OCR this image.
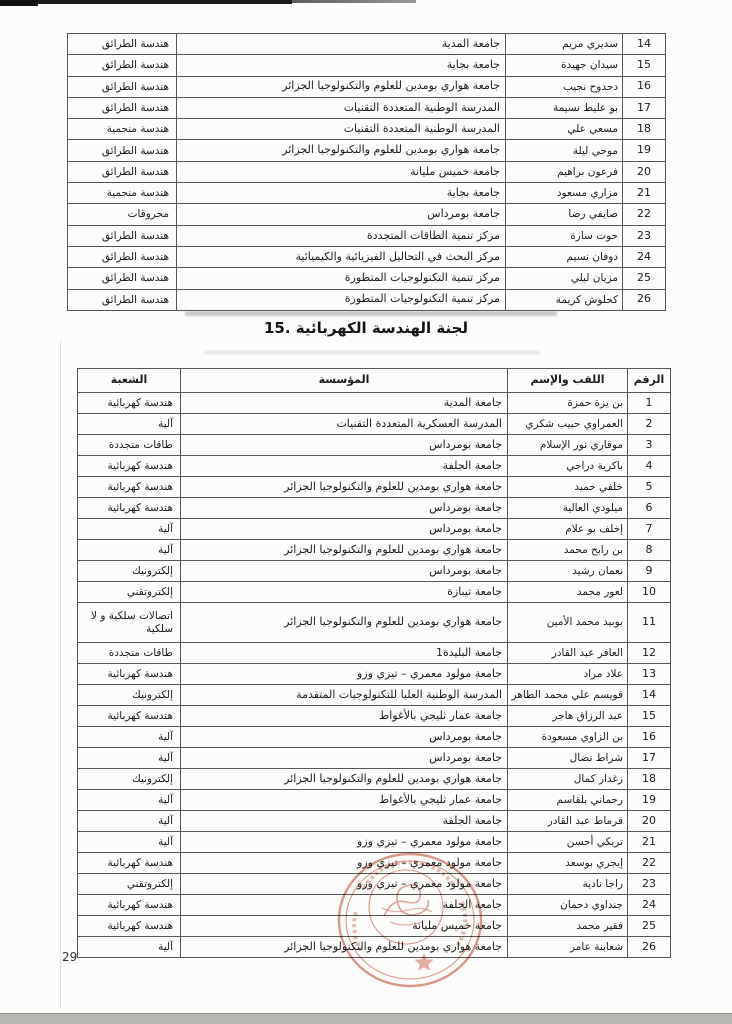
14	سديري مريم	جامعة المدية	هندسة الطرائق
15	سيدان جهيدة	جامعة بجاية	هندسة الطرائق
16	دحدوح نجيب	جامعة هواري بومدين للعلوم والتكنولوجيا الجزائر	هندسة الطرائق
17	بو عليط نسيمة	المدرسة الوطنية المتعددة التقنيات	هندسة الطرائق
18	مسعي علي	المدرسة الوطنية المتعددة التقنيات	هندسة منجمية
19	موحي ليلة	جامعة هواري بومدين للعلوم والتكنولوجيا الجزائر	هندسة الطرائق
20	فرعون براهيم	جامعة خميس مليانة	هندسة الطرائق
21	مزاري مسعود	جامعة بجاية	هندسة منجمية
22	صايفي رضا	جامعة بومرداس	محروقات
23	حوت سارة	مركز تنمية الطاقات المتجددة	هندسة الطرائق
24	دوفان نسيم	مركز البحث في التحاليل الفيزيائية والكيميائية	هندسة الطرائق
25	مزيان ليلي	مركز تنمية التكنولوجيات المتطورة	هندسة الطرائق
26	كحلوش كريمة	مركز تنمية التكنولوجيات المتطورة	هندسة الطرائق
15. لجنة الهندسة الكهربائية
الرقم	اللقب والإسم	المؤسسة	الشعبة
1	بن يزة حمزة	جامعة المدية	هندسة كهربائية
2	العمراوي حبيب شكري	المدرسة العسكرية المتعددة التقنيات	آلية
3	موقاري نور الإسلام	جامعة بومرداس	طاقات متجددة
4	باكرية دراجي	جامعة الجلفة	هندسة كهربائية
5	خلفي حميد	جامعة هواري بومدين للعلوم والتكنولوجيا الجزائر	هندسة كهربائية
6	ميلودي العالية	جامعة بومرداس	هندسة كهربائية
7	إخلف بو علام	جامعة بومرداس	آلية
8	بن رابح محمد	جامعة هواري بومدين للعلوم والتكنولوجيا الجزائر	آلية
9	نعمان رشيد	جامعة بومرداس	إلكترونيك
10	لعور محمد	جامعة تيبازة	إلكتروتقني
11	بوبيد محمد الأمين	جامعة هواري بومدين للعلوم والتكنولوجيا الجزائر	اتصالات سلكية و لا سلكية
12	العافر عبد القادر	جامعة البليدة1	طاقات متجددة
13	علاد مراد	جامعة مولود معمري – تيزي وزو	هندسة كهربائية
14	قويسم علي محمد الطاهر	المدرسة الوطنية العليا للتكنولوجيات المتقدمة	إلكترونيك
15	عبد الرزاق هاجر	جامعة عمار ثليجي بالأغواط	هندسة كهربائية
16	بن الزاوي مسعودة	جامعة بومرداس	آلية
17	شراط نضال	جامعة بومرداس	آلية
18	زغدار كمال	جامعة هواري بومدين للعلوم والتكنولوجيا الجزائر	إلكترونيك
19	رحماني بلقاسم	جامعة عمار ثليجي بالأغواط	آلية
20	قرماط عبد القادر	جامعة الجلفة	آلية
21	تريكي أحسن	جامعة مولود معمري – تيزي وزو	آلية
22	إيجري بوسعد	جامعة مولود معمري – تيزي وزو	هندسة كهربائية
23	راجا نادية	جامعة مولود معمري – تيزي وزو	إلكتروتقني
24	جنداوي دحمان	جامعة الجلفة	هندسة كهربائية
25	فقير محمد	جامعة خميس مليانة	هندسة كهربائية
26	شعابنة عامر	جامعة هواري بومدين للعلوم والتكنولوجيا الجزائر	آلية
29
